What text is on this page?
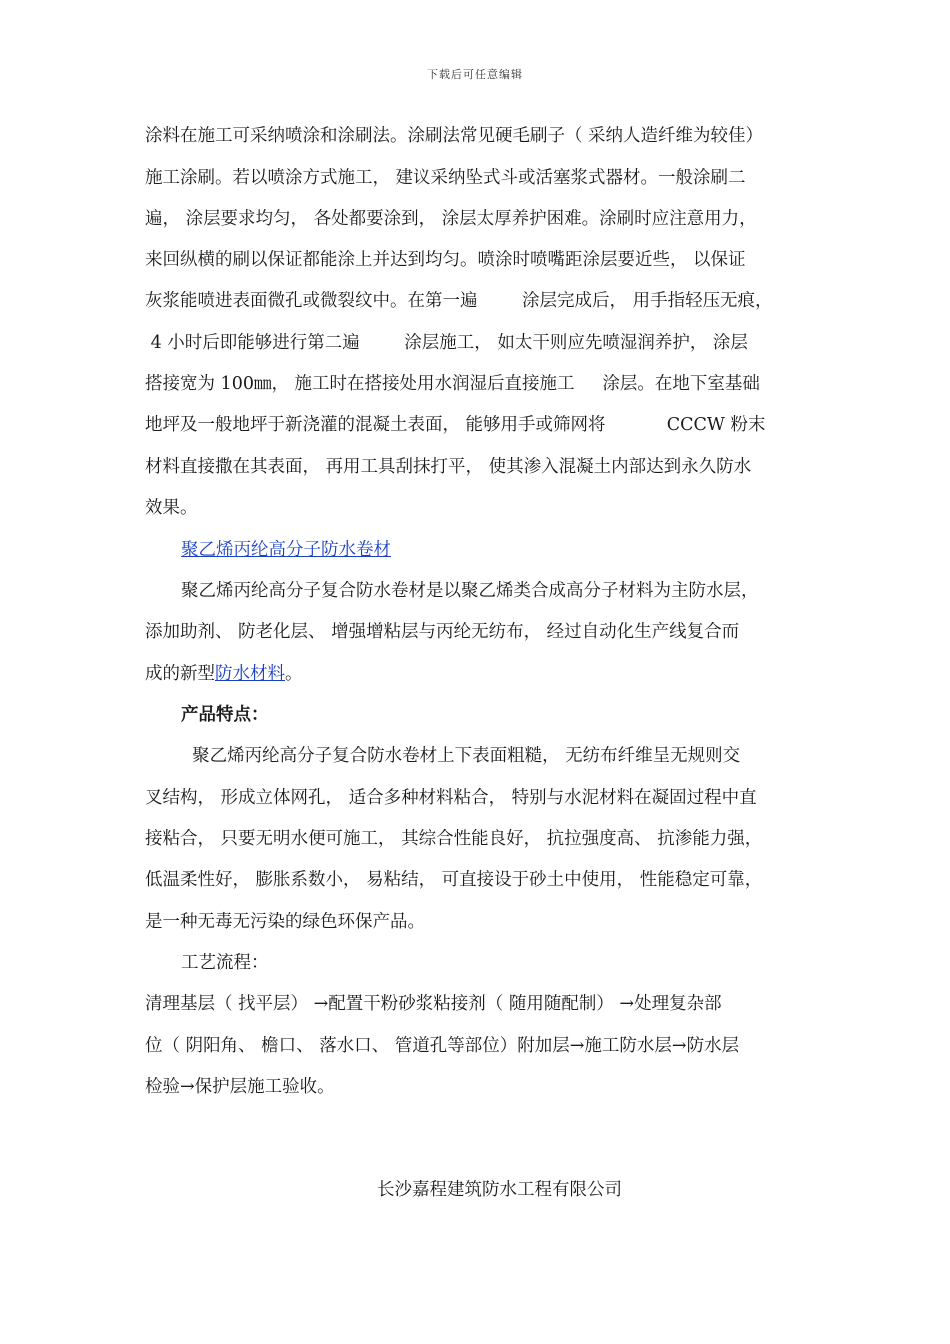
下载后可任意编辑
涂料在施工可采纳喷涂和涂刷法。涂刷法常见硬毛刷子（ 采纳人造纤维为较佳）
施工涂刷。若以喷涂方式施工， 建议采纳坠式斗或活塞浆式器材。一般涂刷二
遍， 涂层要求均匀， 各处都要涂到， 涂层太厚养护困难。涂刷时应注意用力，
来回纵横的刷以保证都能涂上并达到均匀。喷涂时喷嘴距涂层要近些， 以保证
灰浆能喷进表面微孔或微裂纹中。在第一遍        涂层完成后， 用手指轻压无痕，
4 小时后即能够进行第二遍        涂层施工， 如太干则应先喷湿润养护， 涂层
搭接宽为 100㎜， 施工时在搭接处用水润湿后直接施工     涂层。在地下室基础
地坪及一般地坪于新浇灌的混凝土表面， 能够用手或筛网将           CCCW 粉末
材料直接撒在其表面， 再用工具刮抹打平， 使其渗入混凝土内部达到永久防水
效果。
聚乙烯丙纶高分子防水卷材
聚乙烯丙纶高分子复合防水卷材是以聚乙烯类合成高分子材料为主防水层，
添加助剂、 防老化层、 增强增粘层与丙纶无纺布， 经过自动化生产线复合而
成的新型防水材料。
产品特点：
聚乙烯丙纶高分子复合防水卷材上下表面粗糙， 无纺布纤维呈无规则交
叉结构， 形成立体网孔， 适合多种材料粘合， 特别与水泥材料在凝固过程中直
接粘合， 只要无明水便可施工， 其综合性能良好， 抗拉强度高、 抗渗能力强，
低温柔性好， 膨胀系数小， 易粘结， 可直接设于砂土中使用， 性能稳定可靠，
是一种无毒无污染的绿色环保产品。
工艺流程：
清理基层（ 找平层） →配置干粉砂浆粘接剂（ 随用随配制） →处理复杂部
位（ 阴阳角、 檐口、 落水口、 管道孔等部位）附加层→施工防水层→防水层
检验→保护层施工验收。
长沙嘉程建筑防水工程有限公司
